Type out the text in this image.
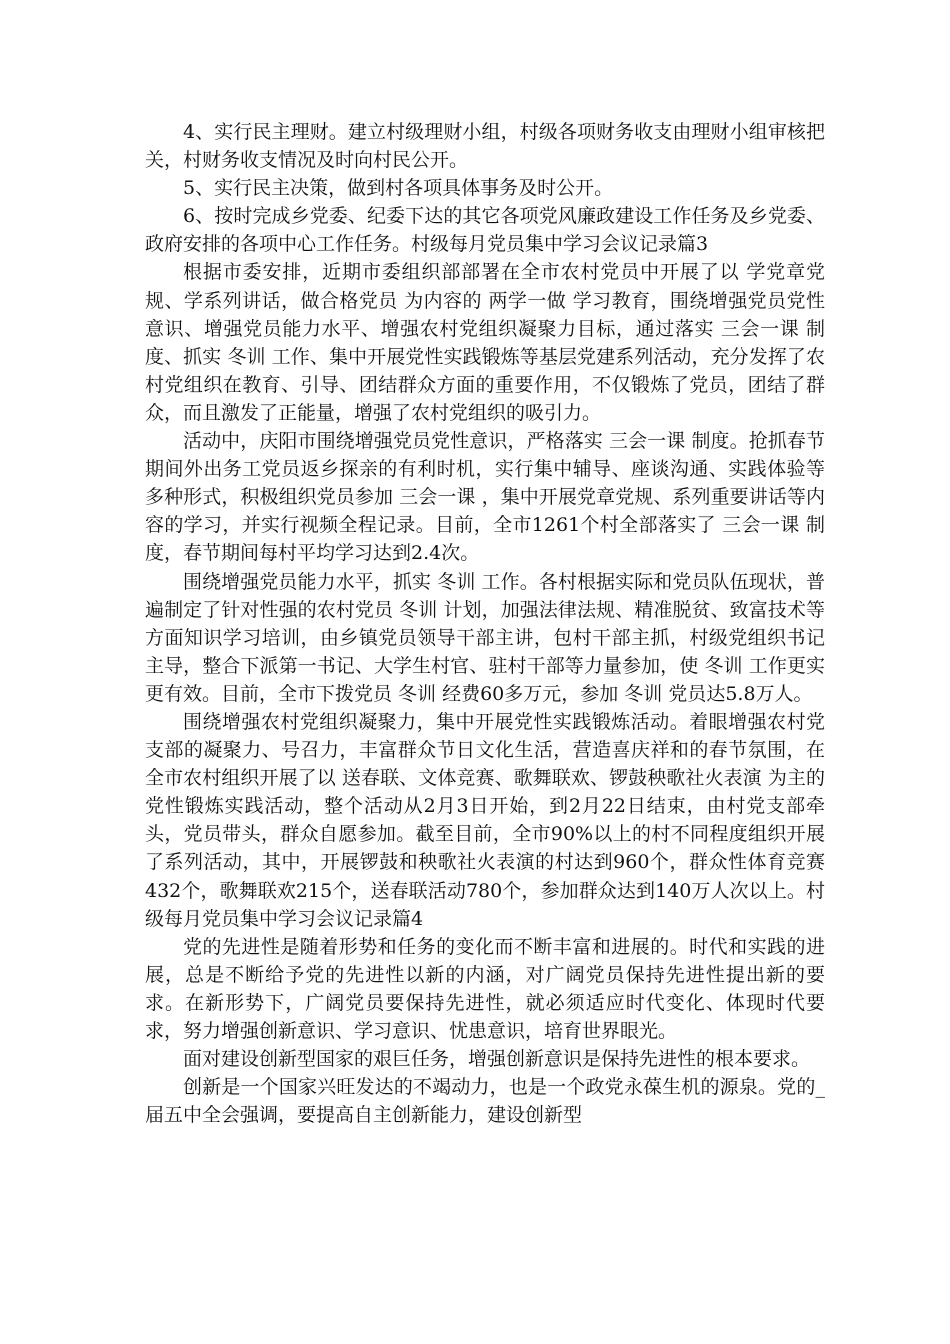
4、实行民主理财。建立村级理财小组，村级各项财务收支由理财小组审核把关，村财务收支情况及时向村民公开。

5、实行民主决策，做到村各项具体事务及时公开。

6、按时完成乡党委、纪委下达的其它各项党风廉政建设工作任务及乡党委、政府安排的各项中心工作任务。村级每月党员集中学习会议记录篇3

根据市委安排，近期市委组织部部署在全市农村党员中开展了以 学党章党规、学系列讲话，做合格党员 为内容的 两学一做 学习教育，围绕增强党员党性意识、增强党员能力水平、增强农村党组织凝聚力目标，通过落实 三会一课 制度、抓实 冬训 工作、集中开展党性实践锻炼等基层党建系列活动，充分发挥了农村党组织在教育、引导、团结群众方面的重要作用，不仅锻炼了党员，团结了群众，而且激发了正能量，增强了农村党组织的吸引力。

活动中，庆阳市围绕增强党员党性意识，严格落实 三会一课 制度。抢抓春节期间外出务工党员返乡探亲的有利时机，实行集中辅导、座谈沟通、实践体验等多种形式，积极组织党员参加 三会一课 ，集中开展党章党规、系列重要讲话等内容的学习，并实行视频全程记录。目前，全市1261个村全部落实了 三会一课 制度，春节期间每村平均学习达到2.4次。

围绕增强党员能力水平，抓实 冬训 工作。各村根据实际和党员队伍现状，普遍制定了针对性强的农村党员 冬训 计划，加强法律法规、精准脱贫、致富技术等方面知识学习培训，由乡镇党员领导干部主讲，包村干部主抓，村级党组织书记主导，整合下派第一书记、大学生村官、驻村干部等力量参加，使 冬训 工作更实更有效。目前，全市下拨党员 冬训 经费60多万元，参加 冬训 党员达5.8万人。

围绕增强农村党组织凝聚力，集中开展党性实践锻炼活动。着眼增强农村党支部的凝聚力、号召力，丰富群众节日文化生活，营造喜庆祥和的春节氛围，在全市农村组织开展了以 送春联、文体竞赛、歌舞联欢、锣鼓秧歌社火表演 为主的党性锻炼实践活动，整个活动从2月3日开始，到2月22日结束，由村党支部牵头，党员带头，群众自愿参加。截至目前，全市90%以上的村不同程度组织开展了系列活动，其中，开展锣鼓和秧歌社火表演的村达到960个，群众性体育竞赛 432个，歌舞联欢215个，送春联活动780个，参加群众达到140万人次以上。村级每月党员集中学习会议记录篇4

党的先进性是随着形势和任务的变化而不断丰富和进展的。时代和实践的进展，总是不断给予党的先进性以新的内涵，对广阔党员保持先进性提出新的要求。在新形势下，广阔党员要保持先进性，就必须适应时代变化、体现时代要求，努力增强创新意识、学习意识、忧患意识，培育世界眼光。

面对建设创新型国家的艰巨任务，增强创新意识是保持先进性的根本要求。

创新是一个国家兴旺发达的不竭动力，也是一个政党永葆生机的源泉。党的_届五中全会强调，要提高自主创新能力，建设创新型
